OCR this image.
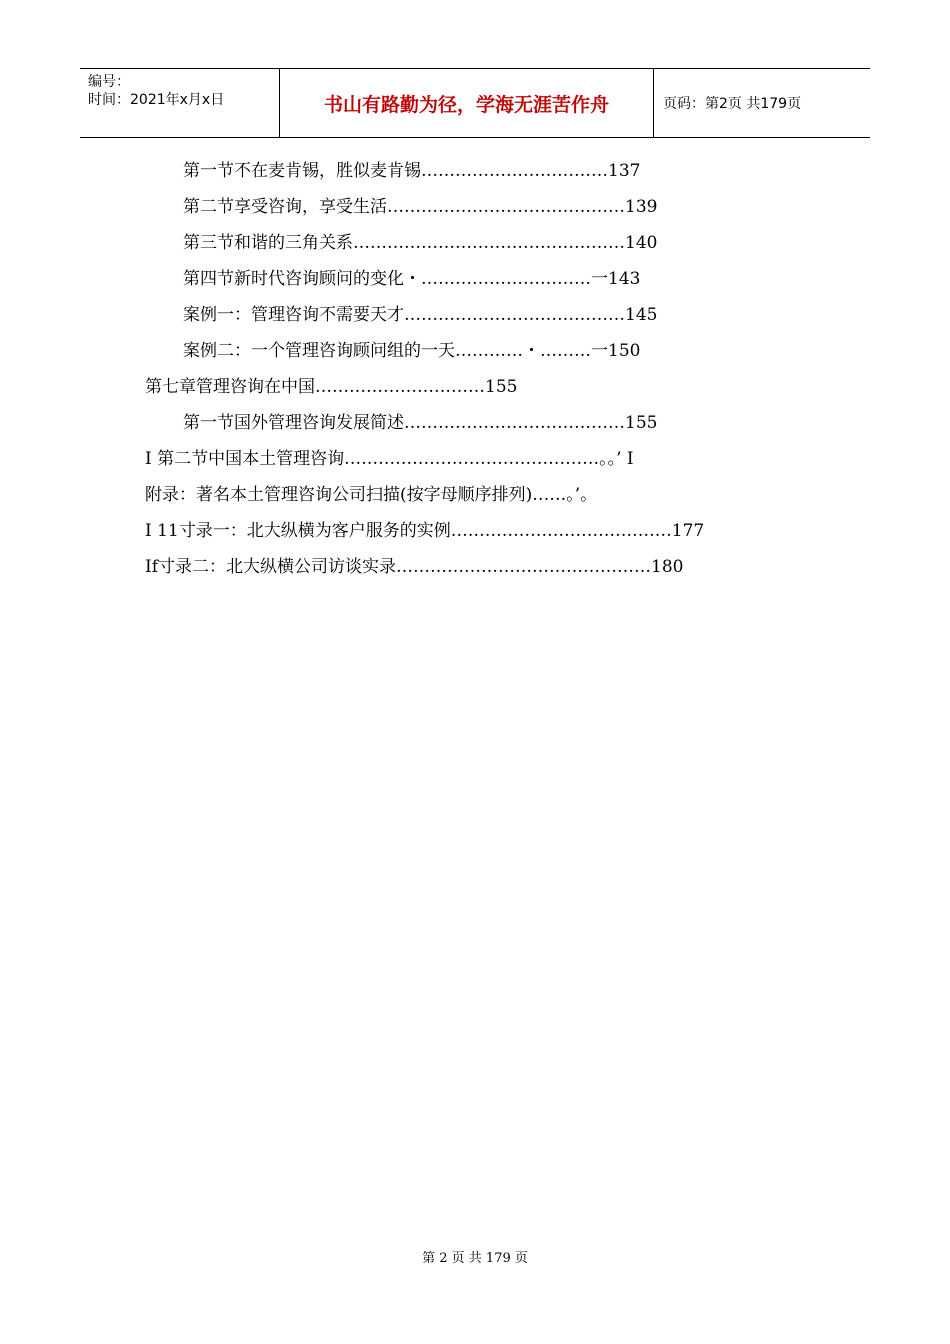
编号：
时间：2021年x月x日	书山有路勤为径，学海无涯苦作舟	页码：第2页 共179页
第一节不在麦肯锡，胜似麦肯锡……………………………137
第二节享受咨询，享受生活……………………………………139
第三节和谐的三角关系…………………………………………140
第四节新时代咨询顾问的变化・…………………………一143
案例一：管理咨询不需要天才…………………………………145
案例二：一个管理咨询顾问组的一天…………・………一150
第七章管理咨询在中国…………………………155
第一节国外管理咨询发展简述…………………………………155
I 第二节中国本土管理咨询………………………………………。。’ I
附录：著名本土管理咨询公司扫描(按字母顺序排列)……。’。
I 11寸录一：北大纵横为客户服务的实例…………………………………177
If寸录二：北大纵横公司访谈实录………………………………………180
第 2 页 共 179 页
